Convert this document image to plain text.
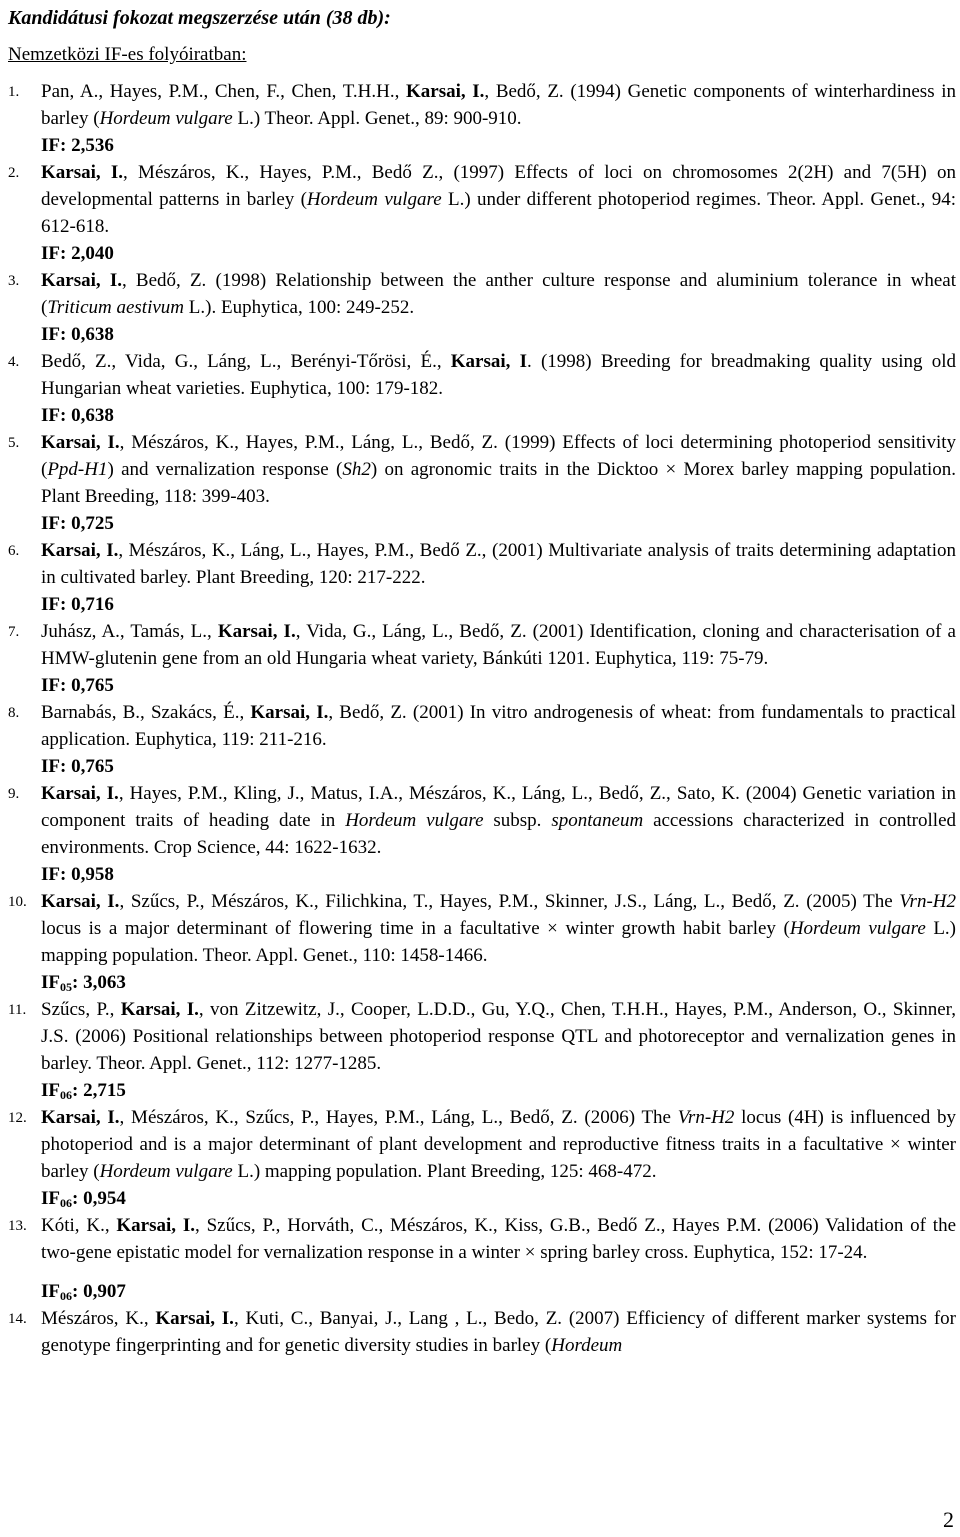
Kandidátusi fokozat megszerzése után (38 db):
Nemzetközi IF-es folyóiratban:
1. Pan, A., Hayes, P.M., Chen, F., Chen, T.H.H., Karsai, I., Bedő, Z. (1994) Genetic components of winterhardiness in barley (Hordeum vulgare L.) Theor. Appl. Genet., 89: 900-910.
IF: 2,536
2. Karsai, I., Mészáros, K., Hayes, P.M., Bedő Z., (1997) Effects of loci on chromosomes 2(2H) and 7(5H) on developmental patterns in barley (Hordeum vulgare L.) under different photoperiod regimes. Theor. Appl. Genet., 94: 612-618.
IF: 2,040
3. Karsai, I., Bedő, Z. (1998) Relationship between the anther culture response and aluminium tolerance in wheat (Triticum aestivum L.). Euphytica, 100: 249-252.
IF: 0,638
4. Bedő, Z., Vida, G., Láng, L., Berényi-Tőrösi, É., Karsai, I. (1998) Breeding for breadmaking quality using old Hungarian wheat varieties. Euphytica, 100: 179-182.
IF: 0,638
5. Karsai, I., Mészáros, K., Hayes, P.M., Láng, L., Bedő, Z. (1999) Effects of loci determining photoperiod sensitivity (Ppd-H1) and vernalization response (Sh2) on agronomic traits in the Dicktoo × Morex barley mapping population. Plant Breeding, 118: 399-403.
IF: 0,725
6. Karsai, I., Mészáros, K., Láng, L., Hayes, P.M., Bedő Z., (2001) Multivariate analysis of traits determining adaptation in cultivated barley. Plant Breeding, 120: 217-222.
IF: 0,716
7. Juhász, A., Tamás, L., Karsai, I., Vida, G., Láng, L., Bedő, Z. (2001) Identification, cloning and characterisation of a HMW-glutenin gene from an old Hungaria wheat variety, Bánkúti 1201. Euphytica, 119: 75-79.
IF: 0,765
8. Barnabás, B., Szakács, É., Karsai, I., Bedő, Z. (2001) In vitro androgenesis of wheat: from fundamentals to practical application. Euphytica, 119: 211-216.
IF: 0,765
9. Karsai, I., Hayes, P.M., Kling, J., Matus, I.A., Mészáros, K., Láng, L., Bedő, Z., Sato, K. (2004) Genetic variation in component traits of heading date in Hordeum vulgare subsp. spontaneum accessions characterized in controlled environments. Crop Science, 44: 1622-1632.
IF: 0,958
10. Karsai, I., Szűcs, P., Mészáros, K., Filichkina, T., Hayes, P.M., Skinner, J.S., Láng, L., Bedő, Z. (2005) The Vrn-H2 locus is a major determinant of flowering time in a facultative × winter growth habit barley (Hordeum vulgare L.) mapping population. Theor. Appl. Genet., 110: 1458-1466.
$IF_{05}$: 3,063
11. Szűcs, P., Karsai, I., von Zitzewitz, J., Cooper, L.D.D., Gu, Y.Q., Chen, T.H.H., Hayes, P.M., Anderson, O., Skinner, J.S. (2006) Positional relationships between photoperiod response QTL and photoreceptor and vernalization genes in barley. Theor. Appl. Genet., 112: 1277-1285.
$IF_{06}$: 2,715
12. Karsai, I., Mészáros, K., Szűcs, P., Hayes, P.M., Láng, L., Bedő, Z. (2006) The Vrn-H2 locus (4H) is influenced by photoperiod and is a major determinant of plant development and reproductive fitness traits in a facultative × winter barley (Hordeum vulgare L.) mapping population. Plant Breeding, 125: 468-472.
$IF_{06}$: 0,954
13. Kóti, K., Karsai, I., Szűcs, P., Horváth, C., Mészáros, K., Kiss, G.B., Bedő Z., Hayes P.M. (2006) Validation of the two-gene epistatic model for vernalization response in a winter × spring barley cross. Euphytica, 152: 17-24.
$IF_{06}$: 0,907
14. Mészáros, K., Karsai, I., Kuti, C., Banyai, J., Lang , L., Bedo, Z. (2007) Efficiency of different marker systems for genotype fingerprinting and for genetic diversity studies in barley (Hordeum
2
